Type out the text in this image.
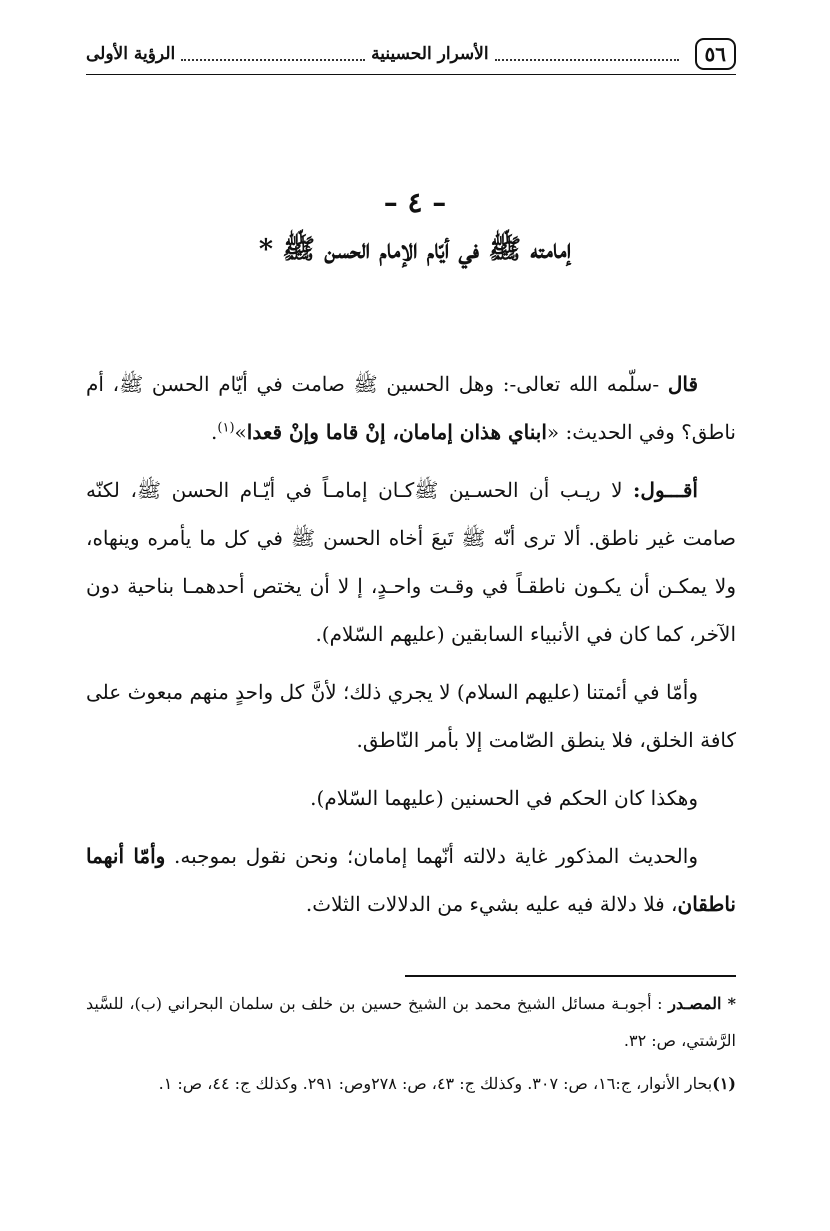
٥٦
الأسرار الحسينية
الرؤية الأولى
– ٤ –
إمامته ﷺ في أيّام الإمام الحسن ﷺ *

قال -سلّمه الله تعالى-: وهل الحسين ﷺ صامت في أيّام الحسن ﷺ، أم ناطق؟ وفي الحديث: «ابناي هذان إمامان، إنْ قاما وإنْ قعدا»$^{(١)}$.

أقـــول: لا ريـب أن الحسـين ﷺكـان إمامـاً في أيّـام الحسن ﷺ، لكنّه صامت غير ناطق. ألا ترى أنّه ﷺ تَبعَ أخاه الحسن ﷺ في كل ما يأمره وينهاه، ولا يمكـن أن يكـون ناطقـاً في وقـت واحـدٍ، إ لا أن يختص أحدهمـا بناحية دون الآخر، كما كان في الأنبياء السابقين (عليهم السّلام).

وأمّا في أئمتنا (عليهم السلام) لا يجري ذلك؛ لأنَّ كل واحدٍ منهم مبعوث على كافة الخلق، فلا ينطق الصّامت إلا بأمر النّاطق.

وهكذا كان الحكم في الحسنين (عليهما السّلام).

والحديث المذكور غاية دلالته أنّهما إمامان؛ ونحن نقول بموجبه. وأمّا أنهما ناطقان، فلا دلالة فيه عليه بشيء من الدلالات الثلاث.

* المصـدر : أجوبـة مسائل الشيخ محمد بن الشيخ حسين بن خلف بن سلمان البحراني (ب)، للسَّيد الرَّشتي، ص: ٣٢.

(١)بحار الأنوار، ج:١٦، ص: ٣٠٧. وكذلك ج: ٤٣، ص: ٢٧٨وص: ٢٩١. وكذلك ج: ٤٤، ص: ١.
